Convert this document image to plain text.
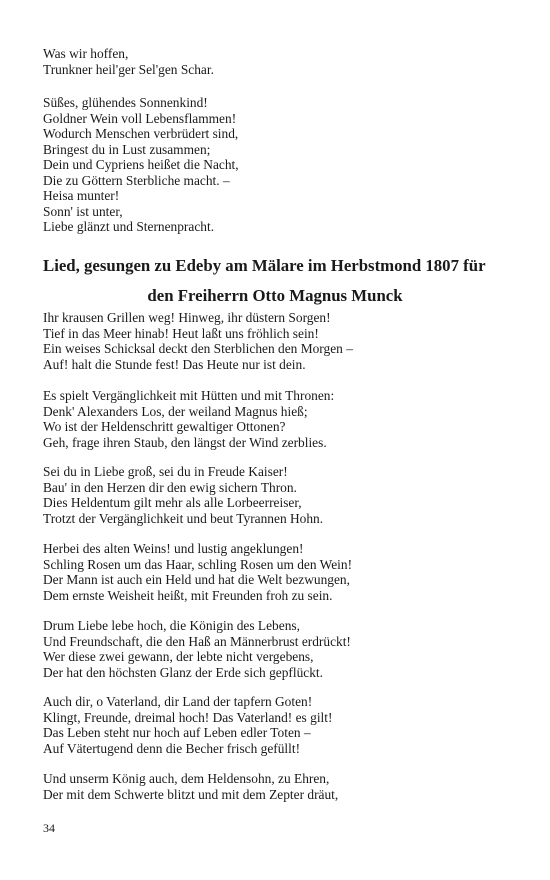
Was wir hoffen,
Trunkner heil'ger Sel'gen Schar.

Süßes, glühendes Sonnenkind!
Goldner Wein voll Lebensflammen!
Wodurch Menschen verbrüdert sind,
Bringest du in Lust zusammen;
Dein und Cypriens heißet die Nacht,
Die zu Göttern Sterbliche macht. –
Heisa munter!
Sonn' ist unter,
Liebe glänzt und Sternenpracht.

Lied, gesungen zu Edeby am Mälare im Herbstmond 1807 für
den Freiherrn Otto Magnus Munck

Ihr krausen Grillen weg! Hinweg, ihr düstern Sorgen!
Tief in das Meer hinab! Heut laßt uns fröhlich sein!
Ein weises Schicksal deckt den Sterblichen den Morgen –
Auf! halt die Stunde fest! Das Heute nur ist dein.

Es spielt Vergänglichkeit mit Hütten und mit Thronen:
Denk' Alexanders Los, der weiland Magnus hieß;
Wo ist der Heldenschritt gewaltiger Ottonen?
Geh, frage ihren Staub, den längst der Wind zerblies.

Sei du in Liebe groß, sei du in Freude Kaiser!
Bau' in den Herzen dir den ewig sichern Thron.
Dies Heldentum gilt mehr als alle Lorbeerreiser,
Trotzt der Vergänglichkeit und beut Tyrannen Hohn.

Herbei des alten Weins! und lustig angeklungen!
Schling Rosen um das Haar, schling Rosen um den Wein!
Der Mann ist auch ein Held und hat die Welt bezwungen,
Dem ernste Weisheit heißt, mit Freunden froh zu sein.

Drum Liebe lebe hoch, die Königin des Lebens,
Und Freundschaft, die den Haß an Männerbrust erdrückt!
Wer diese zwei gewann, der lebte nicht vergebens,
Der hat den höchsten Glanz der Erde sich gepflückt.

Auch dir, o Vaterland, dir Land der tapfern Goten!
Klingt, Freunde, dreimal hoch! Das Vaterland! es gilt!
Das Leben steht nur hoch auf Leben edler Toten –
Auf Vätertugend denn die Becher frisch gefüllt!

Und unserm König auch, dem Heldensohn, zu Ehren,
Der mit dem Schwerte blitzt und mit dem Zepter dräut,

34
